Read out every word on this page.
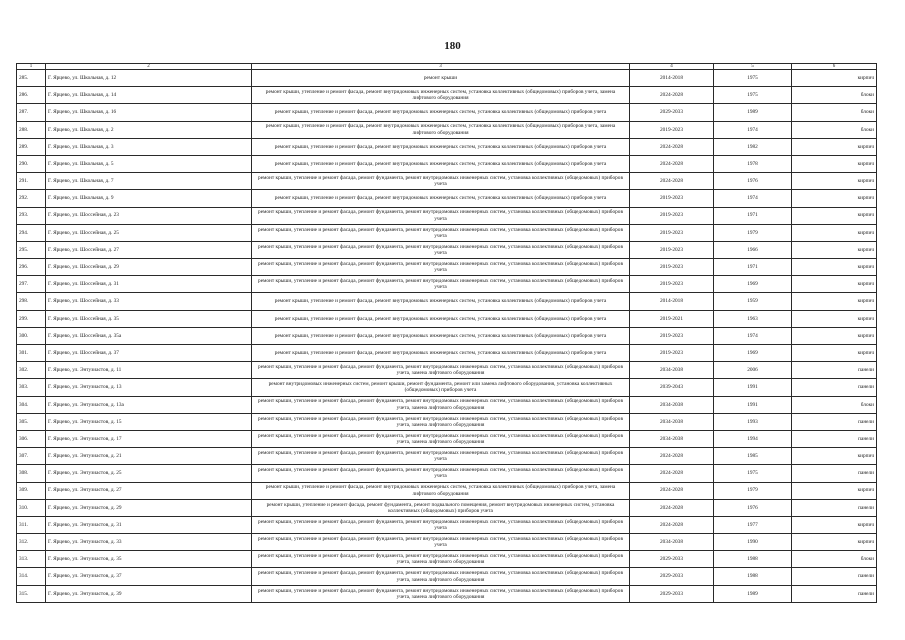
180
1	2	3	4	5	6
285.	Г. Ярцево, ул. Школьная, д. 12	ремонт крыши	2014-2018	1975	кирпич
286.	Г. Ярцево, ул. Школьная, д. 14	ремонт крыши, утепление и ремонт фасада, ремонт внутридомовых инженерных систем, установка коллективных (общедомовых) приборов учета, замена лифтового оборудования	2024-2028	1975	блоки
287.	Г. Ярцево, ул. Школьная, д. 16	ремонт крыши, утепление и ремонт фасада, ремонт внутридомовых инженерных систем, установка коллективных (общедомовых) приборов учета	2029-2033	1989	блоки
288.	Г. Ярцево, ул. Школьная, д. 2	ремонт крыши, утепление и ремонт фасада, ремонт внутридомовых инженерных систем, установка коллективных (общедомовых) приборов учета, замена лифтового оборудования	2019-2023	1974	блоки
289.	Г. Ярцево, ул. Школьная, д. 3	ремонт крыши, утепление и ремонт фасада, ремонт внутридомовых инженерных систем, установка коллективных (общедомовых) приборов учета	2024-2028	1982	кирпич
290.	Г. Ярцево, ул. Школьная, д. 5	ремонт крыши, утепление и ремонт фасада, ремонт внутридомовых инженерных систем, установка коллективных (общедомовых) приборов учета	2024-2028	1978	кирпич
291.	Г. Ярцево, ул. Школьная, д. 7	ремонт крыши, утепление и ремонт фасада, ремонт фундамента, ремонт внутридомовых инженерных систем, установка коллективных (общедомовых) приборов учета	2024-2028	1976	кирпич
292.	Г. Ярцево, ул. Школьная, д. 9	ремонт крыши, утепление и ремонт фасада, ремонт внутридомовых инженерных систем, установка коллективных (общедомовых) приборов учета	2019-2023	1974	кирпич
293.	Г. Ярцево, ул. Шоссейная, д. 23	ремонт крыши, утепление и ремонт фасада, ремонт фундамента, ремонт внутридомовых инженерных систем, установка коллективных (общедомовых) приборов учета	2019-2023	1971	кирпич
294.	Г. Ярцево, ул. Шоссейная, д. 25	ремонт крыши, утепление и ремонт фасада, ремонт фундамента, ремонт внутридомовых инженерных систем, установка коллективных (общедомовых) приборов учета	2019-2023	1979	кирпич
295.	Г. Ярцево, ул. Шоссейная, д. 27	ремонт крыши, утепление и ремонт фасада, ремонт фундамента, ремонт внутридомовых инженерных систем, установка коллективных (общедомовых) приборов учета	2019-2023	1966	кирпич
296.	Г. Ярцево, ул. Шоссейная, д. 29	ремонт крыши, утепление и ремонт фасада, ремонт фундамента, ремонт внутридомовых инженерных систем, установка коллективных (общедомовых) приборов учета	2019-2023	1971	кирпич
297.	Г. Ярцево, ул. Шоссейная, д. 31	ремонт крыши, утепление и ремонт фасада, ремонт фундамента, ремонт внутридомовых инженерных систем, установка коллективных (общедомовых) приборов учета	2019-2023	1969	кирпич
298.	Г. Ярцево, ул. Шоссейная, д. 33	ремонт крыши, утепление и ремонт фасада, ремонт внутридомовых инженерных систем, установка коллективных (общедомовых) приборов учета	2014-2018	1959	кирпич
299.	Г. Ярцево, ул. Шоссейная, д. 35	ремонт крыши, утепление и ремонт фасада, ремонт внутридомовых инженерных систем, установка коллективных (общедомовых) приборов учета	2019-2021	1963	кирпич
300.	Г. Ярцево, ул. Шоссейная, д. 35а	ремонт крыши, утепление и ремонт фасада, ремонт внутридомовых инженерных систем, установка коллективных (общедомовых) приборов учета	2019-2023	1974	кирпич
301.	Г. Ярцево, ул. Шоссейная, д. 37	ремонт крыши, утепление и ремонт фасада, ремонт внутридомовых инженерных систем, установка коллективных (общедомовых) приборов учета	2019-2023	1969	кирпич
302.	Г. Ярцево, ул. Энтузиастов, д. 11	ремонт крыши, утепление и ремонт фасада, ремонт фундамента, ремонт внутридомовых инженерных систем, установка коллективных (общедомовых) приборов учета, замена лифтового оборудования	2034-2038	2006	панели
303.	Г. Ярцево, ул. Энтузиастов, д. 13	ремонт внутридомовых инженерных систем, ремонт крыши, ремонт фундамента, ремонт или замена лифтового оборудования, установка коллективных (общедомовых) приборов учета	2039-2043	1991	панели
304.	Г. Ярцево, ул. Энтузиастов, д. 13а	ремонт крыши, утепление и ремонт фасада, ремонт фундамента, ремонт внутридомовых инженерных систем, установка коллективных (общедомовых) приборов учета, замена лифтового оборудования	2034-2038	1991	блоки
305.	Г. Ярцево, ул. Энтузиастов, д. 15	ремонт крыши, утепление и ремонт фасада, ремонт фундамента, ремонт внутридомовых инженерных систем, установка коллективных (общедомовых) приборов учета, замена лифтового оборудования	2034-2038	1993	панели
306.	Г. Ярцево, ул. Энтузиастов, д. 17	ремонт крыши, утепление и ремонт фасада, ремонт фундамента, ремонт внутридомовых инженерных систем, установка коллективных (общедомовых) приборов учета, замена лифтового оборудования	2034-2038	1994	панели
307.	Г. Ярцево, ул. Энтузиастов, д. 21	ремонт крыши, утепление и ремонт фасада, ремонт фундамента, ремонт внутридомовых инженерных систем, установка коллективных (общедомовых) приборов учета	2024-2028	1985	кирпич
308.	Г. Ярцево, ул. Энтузиастов, д. 25	ремонт крыши, утепление и ремонт фасада, ремонт фундамента, ремонт внутридомовых инженерных систем, установка коллективных (общедомовых) приборов учета	2024-2028	1975	панели
309.	Г. Ярцево, ул. Энтузиастов, д. 27	ремонт крыши, утепление и ремонт фасада, ремонт внутридомовых инженерных систем, установка коллективных (общедомовых) приборов учета, замена лифтового оборудования	2024-2028	1979	кирпич
310.	Г. Ярцево, ул. Энтузиастов, д. 29	ремонт крыши, утепление и ремонт фасада, ремонт фундамента, ремонт подвального помещения, ремонт внутридомовых инженерных систем, установка коллективных (общедомовых) приборов учета	2024-2028	1976	панели
311.	Г. Ярцево, ул. Энтузиастов, д. 31	ремонт крыши, утепление и ремонт фасада, ремонт фундамента, ремонт внутридомовых инженерных систем, установка коллективных (общедомовых) приборов учета	2024-2028	1977	кирпич
312.	Г. Ярцево, ул. Энтузиастов, д. 33	ремонт крыши, утепление и ремонт фасада, ремонт фундамента, ремонт внутридомовых инженерных систем, установка коллективных (общедомовых) приборов учета	2034-2038	1990	кирпич
313.	Г. Ярцево, ул. Энтузиастов, д. 35	ремонт крыши, утепление и ремонт фасада, ремонт фундамента, ремонт внутридомовых инженерных систем, установка коллективных (общедомовых) приборов учета, замена лифтового оборудования	2029-2033	1988	блоки
314.	Г. Ярцево, ул. Энтузиастов, д. 37	ремонт крыши, утепление и ремонт фасада, ремонт фундамента, ремонт внутридомовых инженерных систем, установка коллективных (общедомовых) приборов учета, замена лифтового оборудования	2029-2033	1988	панели
315.	Г. Ярцево, ул. Энтузиастов, д. 39	ремонт крыши, утепление и ремонт фасада, ремонт фундамента, ремонт внутридомовых инженерных систем, установка коллективных (общедомовых) приборов учета, замена лифтового оборудования	2029-2033	1989	панели
